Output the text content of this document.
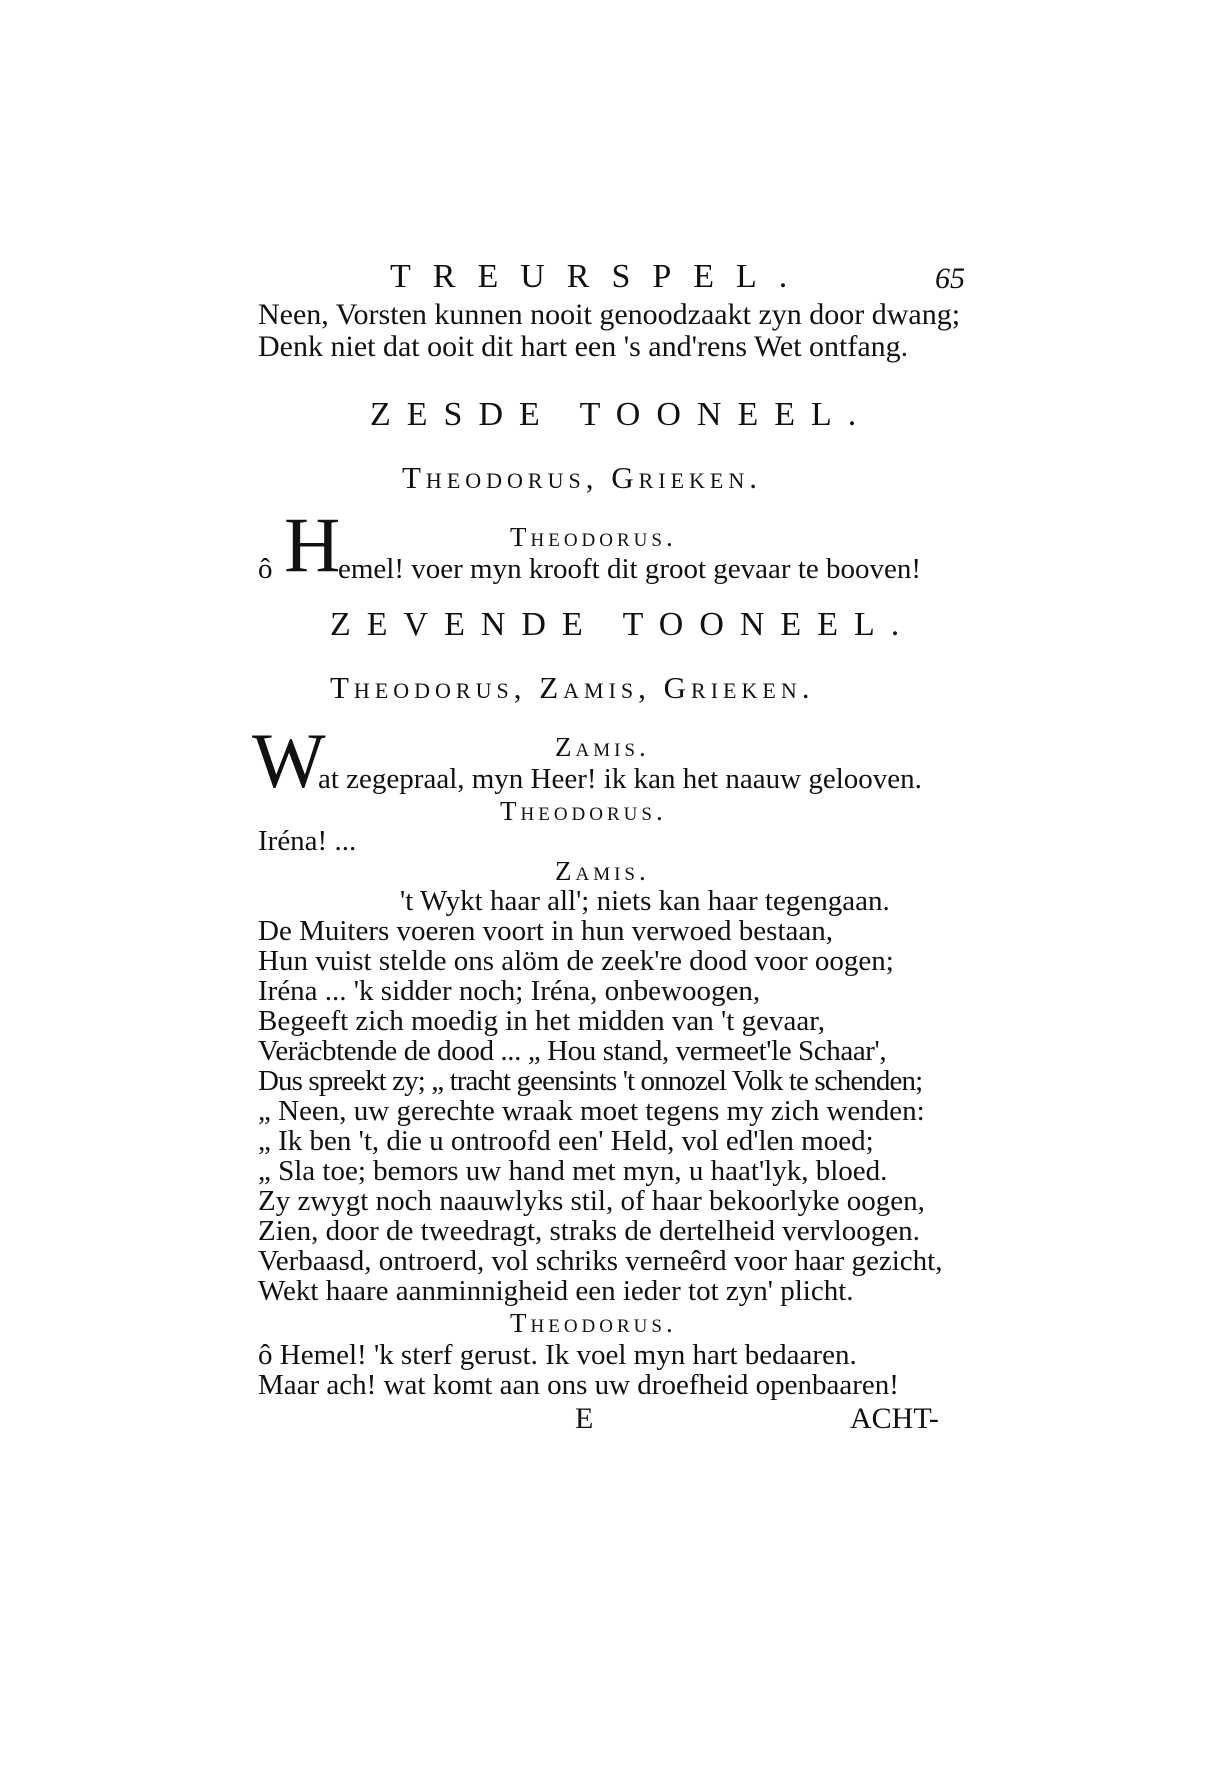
TREURSPEL.	65
Neen, Vorsten kunnen nooit genoodzaakt zyn door dwang;
Denk niet dat ooit dit hart een 's and'rens Wet ontfang.
ZESDE TOONEEL.
Theodorus, Grieken.
Theodorus.
ô H
emel! voer myn krooft dit groot gevaar te booven!
ZEVENDE TOONEEL.
Theodorus, Zamis, Grieken.
Zamis.
W
at zegepraal, myn Heer! ik kan het naauw gelooven.
Theodorus.
Iréna! ...
Zamis.
't Wykt haar all'; niets kan haar tegengaan.
De Muiters voeren voort in hun verwoed bestaan,
Hun vuist stelde ons alöm de zeek're dood voor oogen;
Iréna ... 'k sidder noch; Iréna, onbewoogen,
Begeeft zich moedig in het midden van 't gevaar,
Veräcbtende de dood ... „ Hou stand, vermeet'le Schaar',
Dus spreekt zy; „ tracht geensints 't onnozel Volk te schenden;
„ Neen, uw gerechte wraak moet tegens my zich wenden:
„ Ik ben 't, die u ontroofd een' Held, vol ed'len moed;
„ Sla toe; bemors uw hand met myn, u haat'lyk, bloed.
Zy zwygt noch naauwlyks stil, of haar bekoorlyke oogen,
Zien, door de tweedragt, straks de dertelheid vervloogen.
Verbaasd, ontroerd, vol schriks verneêrd voor haar gezicht,
Wekt haare aanminnigheid een ieder tot zyn' plicht.
Theodorus.
ô Hemel! 'k sterf gerust. Ik voel myn hart bedaaren.
Maar ach! wat komt aan ons uw droefheid openbaaren!
E	ACHT-
